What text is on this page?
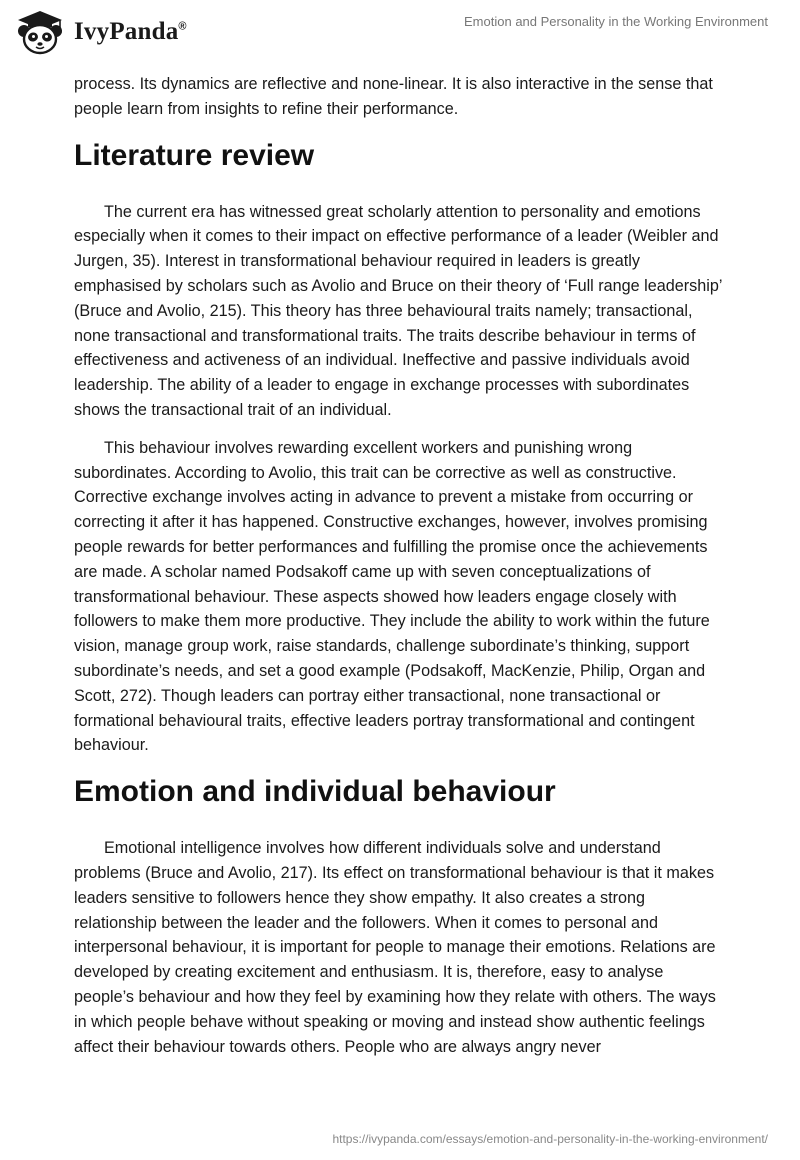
IvyPanda®	Emotion and Personality in the Working Environment

process. Its dynamics are reflective and none-linear. It is also interactive in the sense that people learn from insights to refine their performance.

Literature review

The current era has witnessed great scholarly attention to personality and emotions especially when it comes to their impact on effective performance of a leader (Weibler and Jurgen, 35). Interest in transformational behaviour required in leaders is greatly emphasised by scholars such as Avolio and Bruce on their theory of ‘Full range leadership’ (Bruce and Avolio, 215). This theory has three behavioural traits namely; transactional, none transactional and transformational traits. The traits describe behaviour in terms of effectiveness and activeness of an individual. Ineffective and passive individuals avoid leadership. The ability of a leader to engage in exchange processes with subordinates shows the transactional trait of an individual.

This behaviour involves rewarding excellent workers and punishing wrong subordinates. According to Avolio, this trait can be corrective as well as constructive. Corrective exchange involves acting in advance to prevent a mistake from occurring or correcting it after it has happened. Constructive exchanges, however, involves promising people rewards for better performances and fulfilling the promise once the achievements are made. A scholar named Podsakoff came up with seven conceptualizations of transformational behaviour. These aspects showed how leaders engage closely with followers to make them more productive. They include the ability to work within the future vision, manage group work, raise standards, challenge subordinate’s thinking, support subordinate’s needs, and set a good example (Podsakoff, MacKenzie, Philip, Organ and Scott, 272). Though leaders can portray either transactional, none transactional or formational behavioural traits, effective leaders portray transformational and contingent behaviour.

Emotion and individual behaviour

Emotional intelligence involves how different individuals solve and understand problems (Bruce and Avolio, 217). Its effect on transformational behaviour is that it makes leaders sensitive to followers hence they show empathy. It also creates a strong relationship between the leader and the followers. When it comes to personal and interpersonal behaviour, it is important for people to manage their emotions. Relations are developed by creating excitement and enthusiasm. It is, therefore, easy to analyse people’s behaviour and how they feel by examining how they relate with others. The ways in which people behave without speaking or moving and instead show authentic feelings affect their behaviour towards others. People who are always angry never

https://ivypanda.com/essays/emotion-and-personality-in-the-working-environment/
